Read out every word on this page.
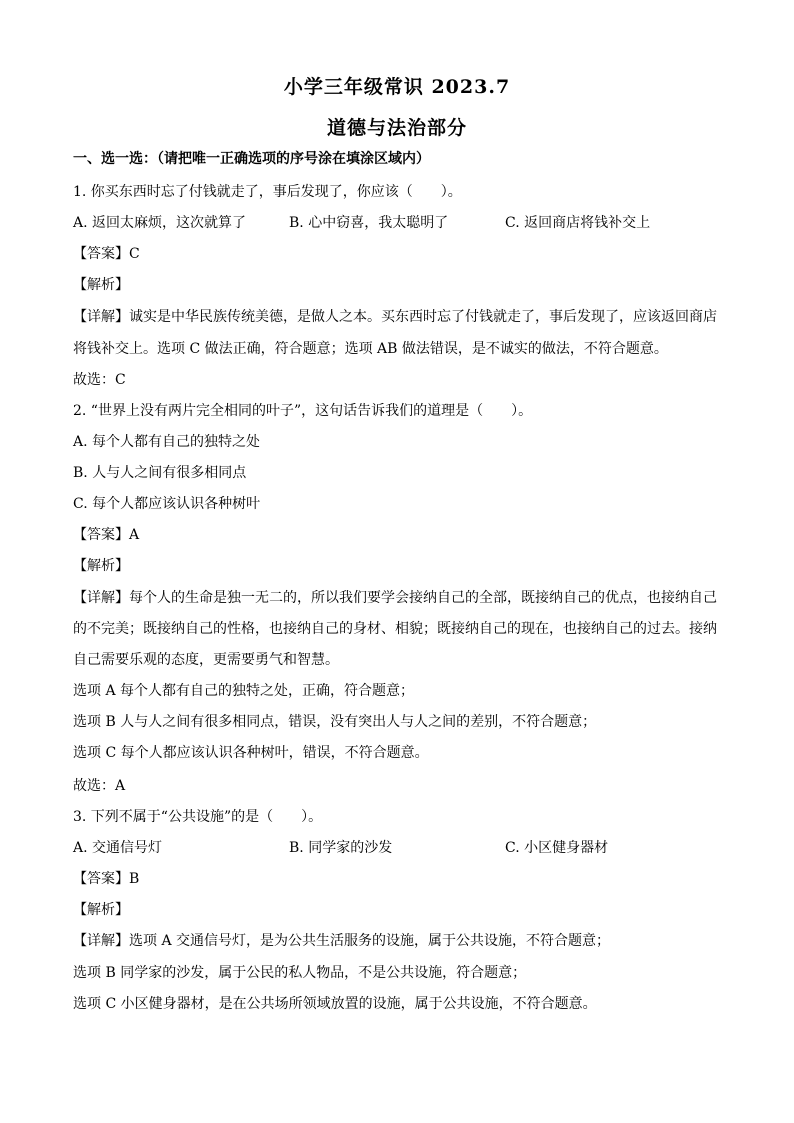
小学三年级常识 2023.7
道德与法治部分
一、选一选：（请把唯一正确选项的序号涂在填涂区域内）
1. 你买东西时忘了付钱就走了，事后发现了，你应该（　　）。
A. 返回太麻烦，这次就算了	B. 心中窃喜，我太聪明了	C. 返回商店将钱补交上
【答案】C
【解析】
【详解】诚实是中华民族传统美德，是做人之本。买东西时忘了付钱就走了，事后发现了，应该返回商店
将钱补交上。选项 C 做法正确，符合题意；选项 AB 做法错误，是不诚实的做法，不符合题意。
故选：C
2. “世界上没有两片完全相同的叶子”，这句话告诉我们的道理是（　　）。
A. 每个人都有自己的独特之处
B. 人与人之间有很多相同点
C. 每个人都应该认识各种树叶
【答案】A
【解析】
【详解】每个人的生命是独一无二的，所以我们要学会接纳自己的全部，既接纳自己的优点，也接纳自己
的不完美；既接纳自己的性格，也接纳自己的身材、相貌；既接纳自己的现在，也接纳自己的过去。接纳
自己需要乐观的态度，更需要勇气和智慧。
选项 A 每个人都有自己的独特之处，正确，符合题意；
选项 B 人与人之间有很多相同点，错误，没有突出人与人之间的差别，不符合题意；
选项 C 每个人都应该认识各种树叶，错误，不符合题意。
故选：A
3. 下列不属于“公共设施”的是（　　）。
A. 交通信号灯	B. 同学家的沙发	C. 小区健身器材
【答案】B
【解析】
【详解】选项 A 交通信号灯，是为公共生活服务的设施，属于公共设施，不符合题意；
选项 B 同学家的沙发，属于公民的私人物品，不是公共设施，符合题意；
选项 C 小区健身器材，是在公共场所领域放置的设施，属于公共设施，不符合题意。
